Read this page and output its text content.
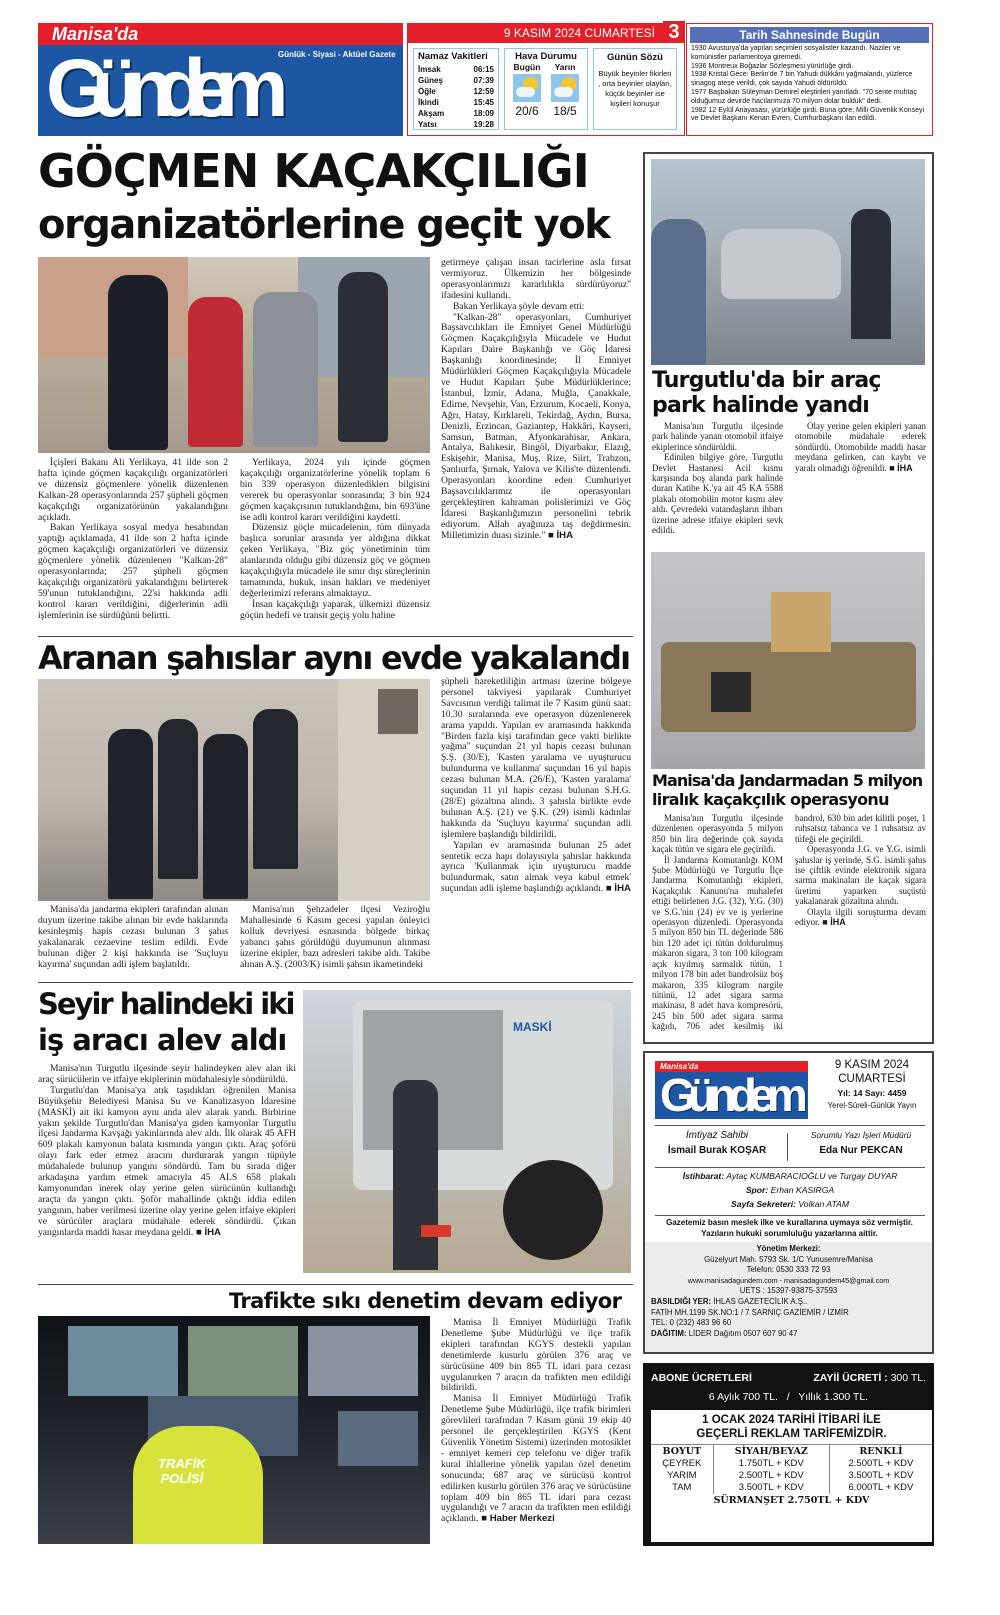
Manisa'da
Gündem Günlük - Siyasi - Aktüel Gazete
9 KASIM 2024 CUMARTESİ 3
Namaz Vakitleri
İmsak	06:15
Güneş	07:39
Öğle	12:59
İkindi	15:45
Akşam	18:09
Yatsı	19:28
Hava Durumu
Bugün
20/6
Yarın
18/5
Günün Sözü
Büyük beyinler fikirleri , orta beyinler olayları, küçük beyinler ise kişileri konuşur
Tarih Sahnesinde Bugün
1930 Avusturya'da yapılan seçimleri sosyalistler kazandı. Naziler ve komünistler parlamentoya giremedi.
1936 Montreux Boğazlar Sözleşmesi yürürlüğe girdi.
1938 Kristal Gece: Berlin'de 7 bin Yahudi dükkânı yağmalandı, yüzlerce sinagog ateşe verildi, çok sayıda Yahudi öldürüldü.
1977 Başbakan Süleyman Demirel eleştirileri yanıtladı. "70 sente muhtaç olduğumuz devirde hacılarımıza 70 milyon dolar bulduk" dedi.
1982 12 Eylül Anayasası, yürürlüğe girdi. Buna göre; Milli Güvenlik Konseyi ve Devlet Başkanı Kenan Evren, Cumhurbaşkanı ilan edildi.
GÖÇMEN KAÇAKÇILIĞI
organizatörlerine geçit yok

İçişleri Bakanı Ali Yerlikaya, 41 ilde son 2 hafta içinde göçmen kaçakçılığı organizatörleri ve düzensiz göçmenlere yönelik düzenlenen Kalkan-28 operasyonlarında 257 şüpheli göçmen kaçakçılığı organizatörünün yakalandığını açıkladı.

Bakan Yerlikaya sosyal medya hesabından yaptığı açıklamada, 41 ilde son 2 hafta içinde göçmen kaçakçılığı organizatörleri ve düzensiz göçmenlere yönelik düzenlenen "Kalkan-28" operasyonlarında; 257 şüpheli göçmen kaçakçılığı organizatörü yakalandığını belirterek 59'unun tutuklandığını, 22'si hakkında adli kontrol kararı verildiğini, diğerlerinin adli işlemlerinin ise sürdüğünü belirtti.

Yerlikaya, 2024 yılı içinde göçmen kaçakçılığı organizatörlerine yönelik toplam 6 bin 339 operasyon düzenlediklerı bilgisini vererek bu operasyonlar sonrasında; 3 bin 924 göçmen kaçakçısının tutuklandığını, bin 693'üne ise adli kontrol kararı verildiğini kaydetti.

Düzensiz göçle mücadelenin, tüm dünyada başlıca sorunlar arasında yer aldığına dikkat çeken Yerlikaya, "Biz göç yönetiminin tüm alanlarında olduğu gibi düzensiz göç ve göçmen kaçakçılığıyla mücadele ile sınır dışı süreçlerinin tamamında, hukuk, insan hakları ve medeniyet değerlerimizi referans almaktayız.

İnsan kaçakçılığı yaparak, ülkemizi düzensiz göçün hedefi ve transit geçiş yolu haline

getirmeye çalışan insan tacirlerine asla fırsat vermiyoruz. Ülkemizin her bölgesinde operasyonlarımızı kararlılıkla sürdürüyoruz" ifadesini kullandı.

Bakan Yerlikaya şöyle devam etti:

"Kalkan-28" operasyonları, Cumhuriyet Başsavcılıkları ile Emniyet Genel Müdürlüğü Göçmen Kaçakçılığıyla Mücadele ve Hudut Kapıları Daire Başkanlığı ve Göç İdaresi Başkanlığı koordinesinde; İl Emniyet Müdürlükleri Göçmen Kaçakçılığıyla Mücadele ve Hudut Kapıları Şube Müdürlüklerince; İstanbul, İzmir, Adana, Muğla, Çanakkale, Edirne, Nevşehir, Van, Erzurum, Kocaeli, Konya, Ağrı, Hatay, Kırklareli, Tekirdağ, Aydın, Bursa, Denizli, Erzincan, Gaziantep, Hakkâri, Kayseri, Samsun, Batman, Afyonkarahisar, Ankara, Antalya, Balıkesir, Bingöl, Diyarbakır, Elazığ, Eskişehir, Manisa, Muş, Rize, Siirt, Trabzon, Şanlıurfa, Şırnak, Yalova ve Kilis'te düzenlendi. Operasyonları koordine eden Cumhuriyet Başsavcılıklarımız ile operasyonları gerçekleştiren kahraman polislerimizi ve Göç İdaresi Başkanlığımızın personelini tebrik ediyorum. Allah ayağınıza taş değdirmesin. Milletimizin duası sizinle." ■ İHA

Turgutlu'da bir araç
park halinde yandı

Manisa'nın Turgutlu ilçesinde park halinde yanan otomobil itfaiye ekiplerince söndürüldü.

Edinilen bilgiye göre, Turgutlu Devlet Hastanesi Acil kısmı karşısında boş alanda park halinde duran Katibe K.'ya ait 45 KA 5588 plakalı otomobilin motor kısmı alev aldı. Çevredeki vatandaşların ihbarı üzerine adrese itfaiye ekipleri sevk edildi.

Olay yerine gelen ekipleri yanan otomobile müdahale ederek söndürdü. Otomobilde maddi hasar meydana gelirken, can kaybı ve yaralı olmadığı öğrenildi. ■ İHA

Manisa'da Jandarmadan 5 milyon
liralık kaçakçılık operasyonu

Manisa'nın Turgutlu ilçesinde düzenlenen operasyonda 5 milyon 850 bin lira değerinde çok sayıda kaçak tütün ve sigara ele geçirildi.

İl Jandarma Komutanlığı KOM Şube Müdürlüğü ve Turgutlu İlçe Jandarma Komutanlığı ekipleri, Kaçakçılık Kanunu'na muhalefet ettiği belirlenen J.G. (32), Y.G. (30) ve S.G.'nin (24) ev ve iş yerlerine operasyon düzenledi. Operasyonda 5 milyon 850 bin TL değerinde 586 bin 120 adet içi tütün doldurulmuş makaron sigara, 3 ton 100 kilogram açık kıyılmış sarmalık tütün, 1 milyon 178 bin adet bandrolsüz boş makaron, 335 kilogram nargile tütünü, 12 adet sigara sarma makinası, 8 adet hava kompresörü, 245 bin 500 adet sigara sarma kağıdı, 706 adet kesilmiş iki bandrol, 630 bin adet kilitli poşet, 1 ruhsatsız tabanca ve 1 ruhsatsız av tüfeği ele geçirildi.

Operasyonda J.G. ve Y.G. isimli şahıslar iş yerinde, S.G. isimli şahıs ise çiftlik evinde elektronik sigara sarma makinaları ile kaçak sigara üretimi yaparken suçüstü yakalanarak gözaltına alındı.

Olayla ilgili soruşturma devam ediyor. ■ İHA

Aranan şahıslar aynı evde yakalandı

Manisa'da jandarma ekipleri tarafından alınan duyum üzerine takibe alınan bir evde haklarında kesinleşmiş hapis cezası bulunan 3 şahıs yakalanarak cezaevine teslim edildi. Evde bulunan diğer 2 kişi hakkında ise 'Suçluyu kayırma' suçundan adli işlem başlatıldı.

Manisa'nın Şehzadeler ilçesi Veziroğlu Mahallesinde 6 Kasım gecesi yapılan önleyici kolluk devriyesi esnasında bölgede birkaç yabancı şahıs görüldüğü duyumunun alınması üzerine ekipler, bazı adresleri takibe aldı. Takibe alınan A.Ş. (2003/K) isimli şahsın ikametindeki

şüpheli hareketliliğin artması üzerine bölgeye personel takviyesi yapılarak Cumhuriyet Savcısının verdiği talimat ile 7 Kasım günü saat: 10.30 sıralarında eve operasyon düzenlenerek arama yapıldı. Yapılan ev aramasında hakkında "Birden fazla kişi tarafından gece vakti birlikte yağma" suçundan 21 yıl hapis cezası bulunan Ş.Ş. (30/E), 'Kasten yaralama ve uyuşturucu bulundurma ve kullanma' suçundan 16 yıl hapis cezası bulunan M.A. (26/E), 'Kasten yaralama' suçundan 11 yıl hapis cezası bulunan S.H.G. (28/E) gözaltına alındı. 3 şahısla birlikte evde bulunan A.Ş. (21) ve Ş.K. (29) isimli kadınlar hakkında da 'Suçluyu kayırma' suçundan adli işlemlere başlandığı bildirildi.

Yapılan ev aramasında bulunan 25 adet sentetik ecza hapı dolayısıyla şahıslar hakkında ayrıca 'Kullanmak için uyuşturucu madde bulundurmak, satın almak veya kabul etmek' suçundan adli işleme başlandığı açıklandı. ■ İHA

Seyir halindeki iki
iş aracı alev aldı	MASKİ

Manisa'nın Turgutlu ilçesinde seyir halindeyken alev alan iki araç sürücülerin ve itfaiye ekiplerinin müdahalesiyle söndürüldü.

Turgutlu'dan Manisa'ya atık taşıdıkları öğrenilen Manisa Büyükşehir Belediyesi Manisa Su ve Kanalizasyon İdaresine (MASKİ) ait iki kamyon aynı anda alev alarak yandı. Birbirine yakın şekilde Turgutlu'dan Manisa'ya giden kamyonlar Turgutlu ilçesi Jandarma Kavşağı yakınlarında alev aldı. İlk olarak 45 AFH 609 plakalı kamyonun balata kısmında yangın çıktı. Araç şoförü olayı fark eder etmez aracını durdurarak yangın tüpüyle müdahalede bulunup yangını söndürdü. Tam bu sırada diğer arkadaşına yardım etmek amacıyla 45 ALS 658 plakalı kamyonundan inerek olay yerine gelen sürücünün kullandığı araçta da yangın çıktı. Şoför mahallinde çıktığı iddia edilen yangının, haber verilmesi üzerine olay yerine gelen itfaiye ekipleri ve sürücüler araçlara müdahale ederek söndürdü. Çıkan yangınlarda maddi hasar meydana geldi. ■ İHA

TRAFİK
POLİSİ
Trafikte sıkı denetim devam ediyor

Manisa İl Emniyet Müdürlüğü Trafik Denetleme Şube Müdürlüğü ve ilçe trafik ekipleri tarafından KGYS destekli yapılan denetimlerde kusurlu görülen 376 araç ve sürücüsüne 409 bin 865 TL idari para cezası uygulanırken 7 aracın da trafikten men edildiği bildirildi.

Manisa İl Emniyet Müdürlüğü Trafik Denetleme Şube Müdürlüğü, ilçe trafik birimleri görevlileri tarafından 7 Kasım günü 19 ekip 40 personel ile gerçekleştirilen KGYS (Kent Güvenlik Yönetim Sistemi) üzerinden motosiklet - emniyet kemeri cep telefonu ve diğer trafik kural ihlallerine yönelik yapılan özel denetim sonucunda; 687 araç ve sürücüsü kontrol edilirken kusurlu görülen 376 araç ve sürücüsüne toplam 409 bin 865 TL idari para cezası uygulandığı ve 7 aracın da trafikten men edildiği açıklandı. ■ Haber Merkezi

Manisa'da
Gündem
9 KASIM 2024
CUMARTESİ
Yıl: 14 Sayı: 4459
Yerel-Süreli-Günlük Yayın
İmtiyaz Sahibi
İsmail Burak KOŞAR
Sorumlu Yazı İşleri Müdürü
Eda Nur PEKCAN
İstihbarat: Aytaç KUMBARACIOĞLU ve Turgay DUYAR
Spor: Erhan KASIRGA
Sayfa Sekreteri: Volkan ATAM
Gazetemiz basın meslek ilke ve kurallarına uymaya söz vermiştir. Yazıların hukuki sorumluluğu yazarlarına aittir.
Yönetim Merkezi:
Güzelyurt Mah. 5793 Sk. 1/C Yunusemre/Manisa
Telefon: 0530 333 72 93
www.manisadagundem.com - manisadagundem45@gmail.com
UETS : 15397-93875-37593
BASILDIĞI YER: İHLAS GAZETECİLİK A.Ş..
FATİH MH.1199 SK.NO:1 / 7 SARNIÇ GAZİEMİR / İZMİR
TEL: 0 (232) 483 96 60
DAĞITIM: LİDER Dağıtım 0507 607 90 47
ABONE ÜCRETLERİ	ZAYİİ ÜCRETİ : 300 TL.
6 Aylık 700 TL.   /   Yıllık 1.300 TL.
1 OCAK 2024 TARİHİ İTİBARİ İLE
GEÇERLİ REKLAM TARİFEMİZDİR.
BOYUT	SİYAH/BEYAZ	RENKLİ
ÇEYREK	1.750TL + KDV	2.500TL + KDV
YARIM	2.500TL + KDV	3.500TL + KDV
TAM	3.500TL + KDV	6.000TL + KDV
SÜRMANŞET 2.750TL + KDV
